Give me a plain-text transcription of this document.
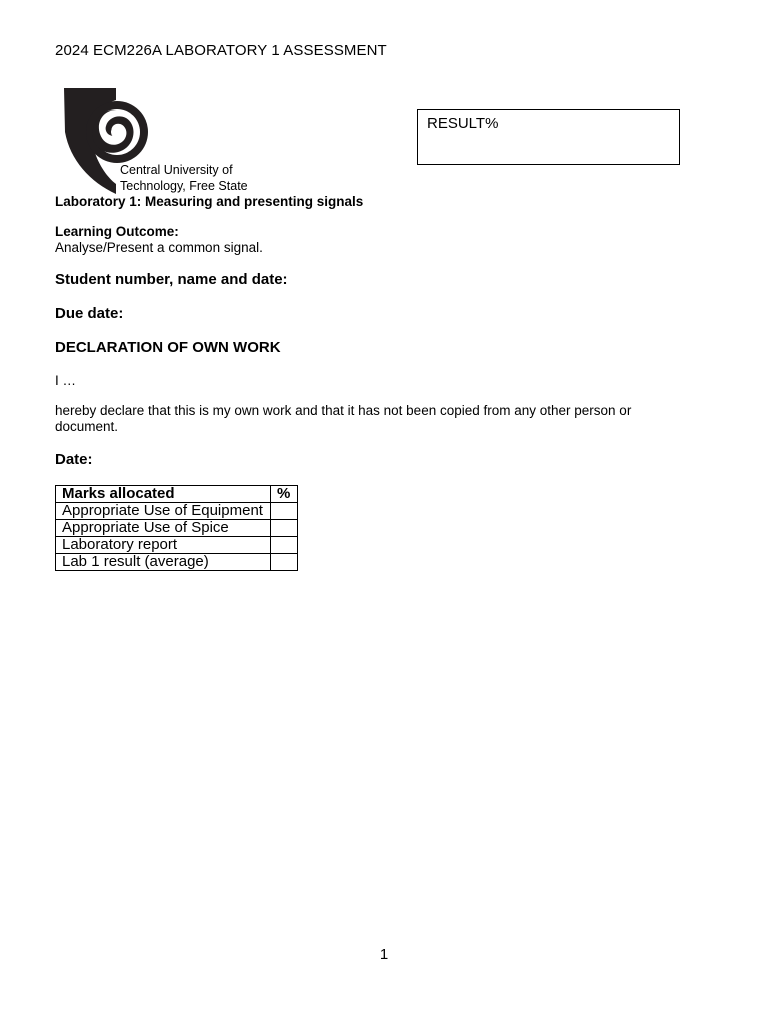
2024 ECM226A LABORATORY 1 ASSESSMENT
Central University of
Technology, Free State
RESULT%
Laboratory 1: Measuring and presenting signals
Learning Outcome:
Analyse/Present a common signal.
Student number, name and date:
Due date:
DECLARATION OF OWN WORK
I …
hereby declare that this is my own work and that it has not been copied from any other person or document.
Date:
Marks allocated	%
Appropriate Use of Equipment	
Appropriate Use of Spice	
Laboratory report	
Lab 1 result (average)	
1
